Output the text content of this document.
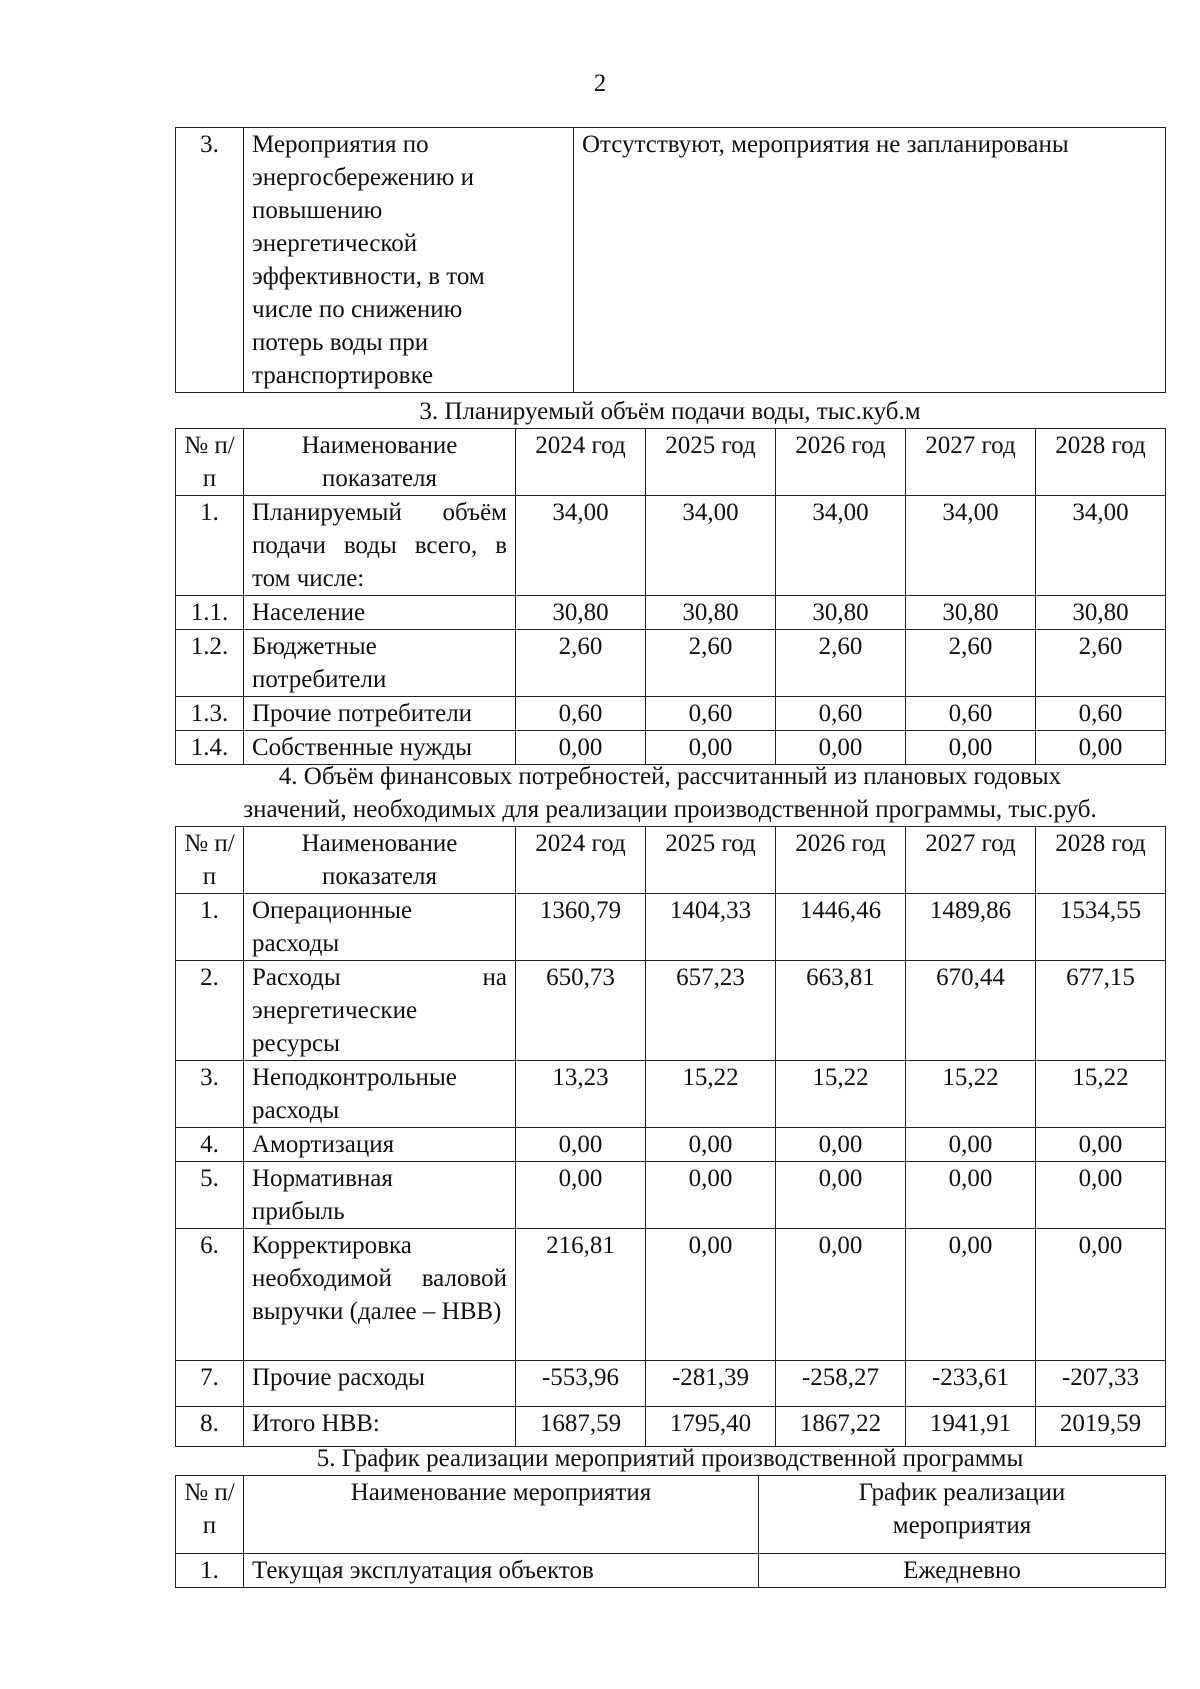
2
3.	Мероприятия по энергосбережению и повышению энергетической эффективности, в том числе по снижению потерь воды при транспортировке	Отсутствуют, мероприятия не запланированы
3. Планируемый объём подачи воды, тыс.куб.м
№ п/п	Наименование показателя	2024 год	2025 год	2026 год	2027 год	2028 год
1.	Планируемый объём подачи воды всего, в том числе:	34,00	34,00	34,00	34,00	34,00
1.1.	Население	30,80	30,80	30,80	30,80	30,80
1.2.	Бюджетные потребители	2,60	2,60	2,60	2,60	2,60
1.3.	Прочие потребители	0,60	0,60	0,60	0,60	0,60
1.4.	Собственные нужды	0,00	0,00	0,00	0,00	0,00
4. Объём финансовых потребностей, рассчитанный из плановых годовых
значений, необходимых для реализации производственной программы, тыс.руб.
№ п/п	Наименование показателя	2024 год	2025 год	2026 год	2027 год	2028 год
1.	Операционные расходы	1360,79	1404,33	1446,46	1489,86	1534,55
2.	Расходы на энергетические ресурсы	650,73	657,23	663,81	670,44	677,15
3.	Неподконтрольные расходы	13,23	15,22	15,22	15,22	15,22
4.	Амортизация	0,00	0,00	0,00	0,00	0,00
5.	Нормативная прибыль	0,00	0,00	0,00	0,00	0,00
6.	Корректировка необходимой валовой выручки (далее – НВВ)	216,81	0,00	0,00	0,00	0,00
7.	Прочие расходы	-553,96	-281,39	-258,27	-233,61	-207,33
8.	Итого НВВ:	1687,59	1795,40	1867,22	1941,91	2019,59
5. График реализации мероприятий производственной программы
№ п/п	Наименование мероприятия	График реализации мероприятия
1.	Текущая эксплуатация объектов	Ежедневно
